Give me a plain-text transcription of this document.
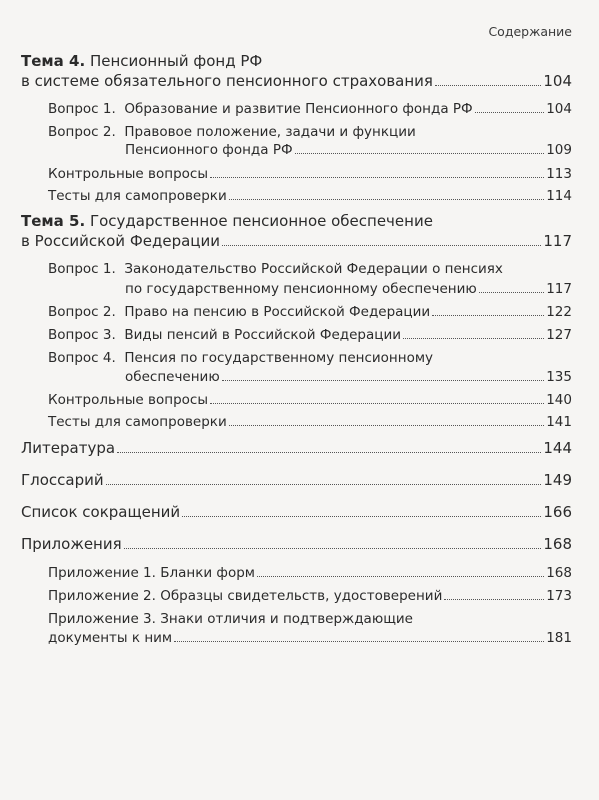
Содержание
Тема 4. Пенсионный фонд РФ
в системе обязательного пенсионного страхования	104
Вопрос 1. Образование и развитие Пенсионного фонда РФ	104
Вопрос 2. Правовое положение, задачи и функции
Пенсионного фонда РФ	109
Контрольные вопросы	113
Тесты для самопроверки	114
Тема 5. Государственное пенсионное обеспечение
в Российской Федерации	117
Вопрос 1. Законодательство Российской Федерации о пенсиях
по государственному пенсионному обеспечению	117
Вопрос 2. Право на пенсию в Российской Федерации	122
Вопрос 3. Виды пенсий в Российской Федерации	127
Вопрос 4. Пенсия по государственному пенсионному
обеспечению	135
Контрольные вопросы	140
Тесты для самопроверки	141
Литература	144
Глоссарий	149
Список сокращений	166
Приложения	168
Приложение 1. Бланки форм	168
Приложение 2. Образцы свидетельств, удостоверений	173
Приложение 3. Знаки отличия и подтверждающие
документы к ним	181
